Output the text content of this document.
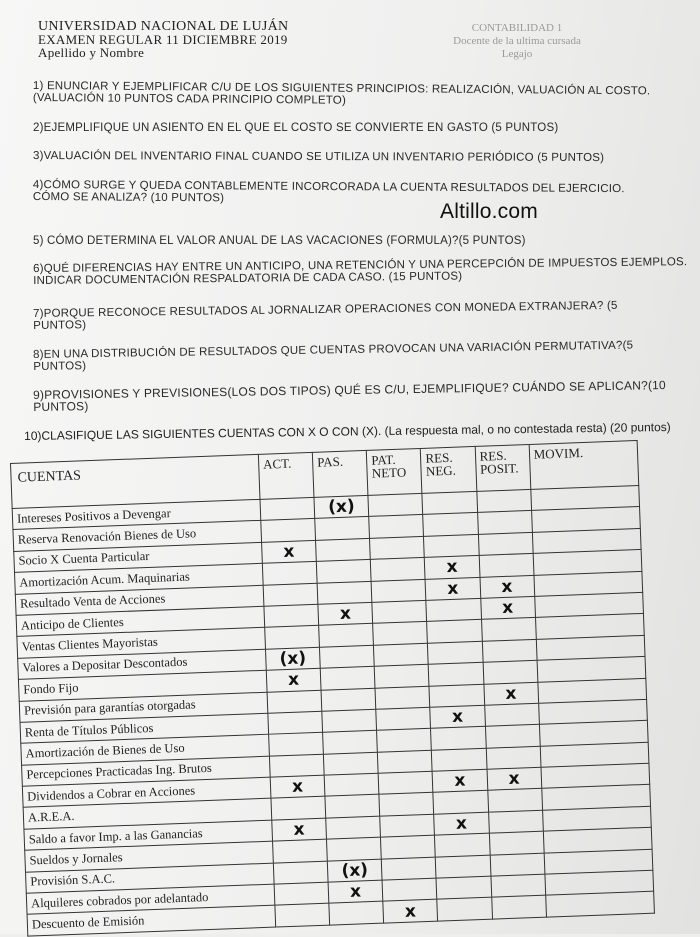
UNIVERSIDAD NACIONAL DE LUJÁN
EXAMEN REGULAR 11 DICIEMBRE 2019
Apellido y Nombre
CONTABILIDAD 1
Docente de la ultima cursada
Legajo
1) ENUNCIAR Y EJEMPLIFICAR C/U DE LOS SIGUIENTES PRINCIPIOS: REALIZACIÓN, VALUACIÓN AL COSTO. (VALUACIÓN 10 PUNTOS CADA PRINCIPIO COMPLETO)
2)EJEMPLIFIQUE UN ASIENTO EN EL QUE EL COSTO SE CONVIERTE EN GASTO (5 PUNTOS)
3)VALUACIÓN DEL INVENTARIO FINAL CUANDO SE UTILIZA UN INVENTARIO PERIÓDICO (5 PUNTOS)
4)CÓMO SURGE Y QUEDA CONTABLEMENTE INCORCORADA LA CUENTA RESULTADOS DEL EJERCICIO. CÓMO SE ANALIZA? (10 PUNTOS)
Altillo.com
5) CÓMO DETERMINA EL VALOR ANUAL DE LAS VACACIONES (FORMULA)?(5 PUNTOS)
6)QUÉ DIFERENCIAS HAY ENTRE UN ANTICIPO, UNA RETENCIÓN Y UNA PERCEPCIÓN DE IMPUESTOS EJEMPLOS. INDICAR DOCUMENTACIÓN RESPALDATORIA DE CADA CASO. (15 PUNTOS)
7)PORQUE RECONOCE RESULTADOS AL JORNALIZAR OPERACIONES CON MONEDA EXTRANJERA? (5 PUNTOS)
8)EN UNA DISTRIBUCIÓN DE RESULTADOS QUE CUENTAS PROVOCAN UNA VARIACIÓN PERMUTATIVA?(5 PUNTOS)
9)PROVISIONES Y PREVISIONES(LOS DOS TIPOS) QUÉ ES C/U, EJEMPLIFIQUE? CUÁNDO SE APLICAN?(10 PUNTOS)
10)CLASIFIQUE LAS SIGUIENTES CUENTAS CON X O CON (X). (La respuesta mal, o no contestada resta) (20 puntos)
CUENTAS	ACT.	PAS.	PAT. NETO	RES. NEG.	RES. POSIT.	MOVIM.
Intereses Positivos a Devengar		(x)				
Reserva Renovación Bienes de Uso						
Socio X Cuenta Particular	x					
Amortización Acum. Maquinarias				x		
Resultado Venta de Acciones				x	x	
Anticipo de Clientes		x			x	
Ventas Clientes Mayoristas						
Valores a Depositar Descontados	(x)					
Fondo Fijo	x					
Previsión para garantías otorgadas					x	
Renta de Títulos Públicos				x		
Amortización de Bienes de Uso						
Percepciones Practicadas Ing. Brutos						
Dividendos a Cobrar en Acciones	x			x	x	
A.R.E.A.						
Saldo a favor Imp. a las Ganancias	x			x		
Sueldos y Jornales						
Provisión S.A.C.		(x)				
Alquileres cobrados por adelantado		x				
Descuento de Emisión			x			
